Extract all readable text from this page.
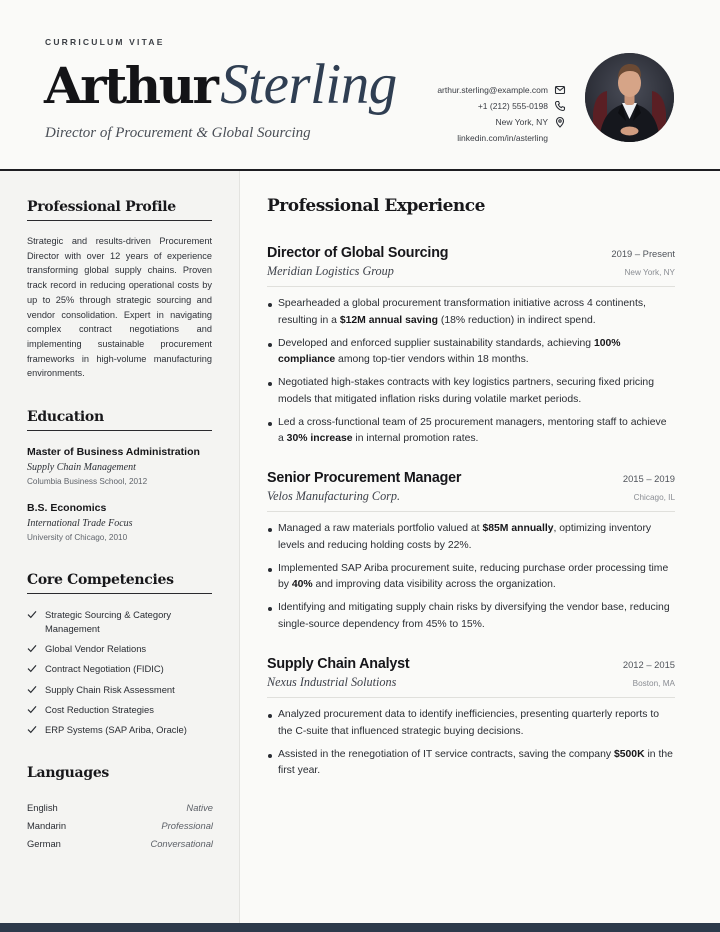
CURRICULUM VITAE
ArthurSterling
Director of Procurement & Global Sourcing
arthur.sterling@example.com
+1 (212) 555-0198
New York, NY
linkedin.com/in/asterling
Professional Profile
Strategic and results-driven Procurement Director with over 12 years of experience transforming global supply chains. Proven track record in reducing operational costs by up to 25% through strategic sourcing and vendor consolidation. Expert in navigating complex contract negotiations and implementing sustainable procurement frameworks in high-volume manufacturing environments.
Education
Master of Business Administration
Supply Chain Management
Columbia Business School, 2012
B.S. Economics
International Trade Focus
University of Chicago, 2010
Core Competencies
Strategic Sourcing & Category Management
Global Vendor Relations
Contract Negotiation (FIDIC)
Supply Chain Risk Assessment
Cost Reduction Strategies
ERP Systems (SAP Ariba, Oracle)
Languages
English	Native
Mandarin	Professional
German	Conversational
Professional Experience
Director of Global Sourcing	2019 – Present
Meridian Logistics Group	New York, NY
Spearheaded a global procurement transformation initiative across 4 continents, resulting in a $12M annual saving (18% reduction) in indirect spend.
Developed and enforced supplier sustainability standards, achieving 100% compliance among top-tier vendors within 18 months.
Negotiated high-stakes contracts with key logistics partners, securing fixed pricing models that mitigated inflation risks during volatile market periods.
Led a cross-functional team of 25 procurement managers, mentoring staff to achieve a 30% increase in internal promotion rates.
Senior Procurement Manager	2015 – 2019
Velos Manufacturing Corp.	Chicago, IL
Managed a raw materials portfolio valued at $85M annually, optimizing inventory levels and reducing holding costs by 22%.
Implemented SAP Ariba procurement suite, reducing purchase order processing time by 40% and improving data visibility across the organization.
Identifying and mitigating supply chain risks by diversifying the vendor base, reducing single-source dependency from 45% to 15%.
Supply Chain Analyst	2012 – 2015
Nexus Industrial Solutions	Boston, MA
Analyzed procurement data to identify inefficiencies, presenting quarterly reports to the C-suite that influenced strategic buying decisions.
Assisted in the renegotiation of IT service contracts, saving the company $500K in the first year.
